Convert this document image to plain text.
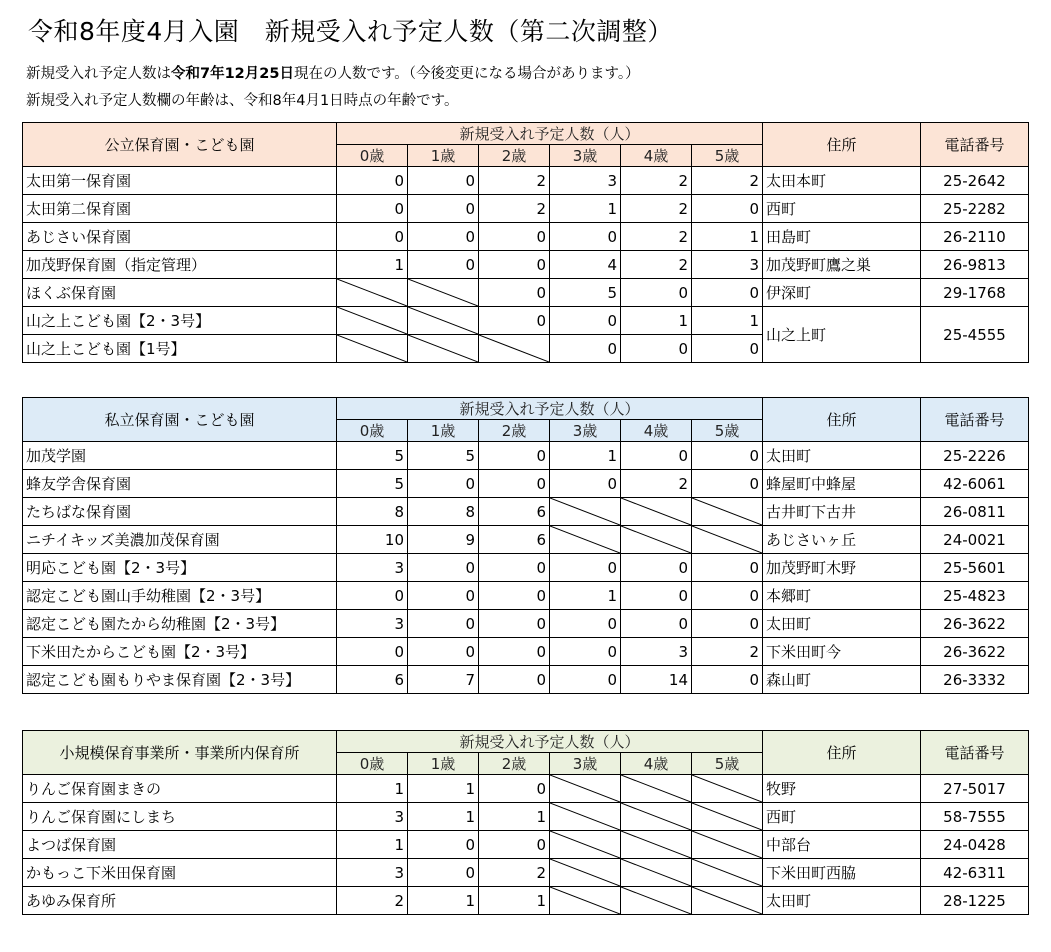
令和8年度4月入園　新規受入れ予定人数（第二次調整）
新規受入れ予定人数は令和7年12月25日現在の人数です。（今後変更になる場合があります。）
新規受入れ予定人数欄の年齢は、令和8年4月1日時点の年齢です。
公立保育園・こども園	新規受入れ予定人数（人）						住所	電話番号
	0歳	1歳	2歳	3歳	4歳	5歳		
太田第一保育園	0	0	2	3	2	2	太田本町	25-2642
太田第二保育園	0	0	2	1	2	0	西町	25-2282
あじさい保育園	0	0	0	0	2	1	田島町	26-2110
加茂野保育園（指定管理）	1	0	0	4	2	3	加茂野町鷹之巣	26-9813
ほくぶ保育園			0	5	0	0	伊深町	29-1768
山之上こども園【2・3号】			0	0	1	1	山之上町	25-4555
山之上こども園【1号】				0	0	0		
私立保育園・こども園	新規受入れ予定人数（人）						住所	電話番号
	0歳	1歳	2歳	3歳	4歳	5歳		
加茂学園	5	5	0	1	0	0	太田町	25-2226
蜂友学舎保育園	5	0	0	0	2	0	蜂屋町中蜂屋	42-6061
たちばな保育園	8	8	6				古井町下古井	26-0811
ニチイキッズ美濃加茂保育園	10	9	6				あじさいヶ丘	24-0021
明応こども園【2・3号】	3	0	0	0	0	0	加茂野町木野	25-5601
認定こども園山手幼稚園【2・3号】	0	0	0	1	0	0	本郷町	25-4823
認定こども園たから幼稚園【2・3号】	3	0	0	0	0	0	太田町	26-3622
下米田たからこども園【2・3号】	0	0	0	0	3	2	下米田町今	26-3622
認定こども園もりやま保育園【2・3号】	6	7	0	0	14	0	森山町	26-3332
小規模保育事業所・事業所内保育所	新規受入れ予定人数（人）						住所	電話番号
	0歳	1歳	2歳	3歳	4歳	5歳		
りんご保育園まきの	1	1	0				牧野	27-5017
りんご保育園にしまち	3	1	1				西町	58-7555
よつば保育園	1	0	0				中部台	24-0428
かもっこ下米田保育園	3	0	2				下米田町西脇	42-6311
あゆみ保育所	2	1	1				太田町	28-1225
